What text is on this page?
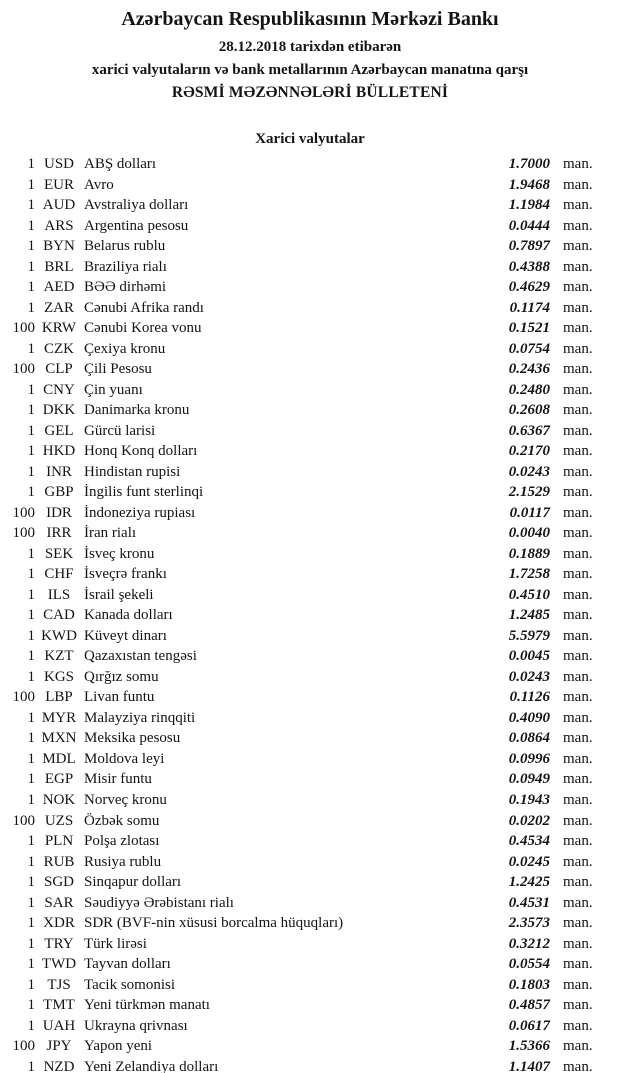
Azərbaycan Respublikasının Mərkəzi Bankı
28.12.2018 tarixdən etibarən
xarici valyutaların və bank metallarının Azərbaycan manatına qarşı
RƏSMİ MƏZƏNNƏLƏRİ BÜLLETENİ
Xarici valyutalar
1 USD ABŞ dolları	1.7000 man.
1 EUR Avro	1.9468 man.
1 AUD Avstraliya dolları	1.1984 man.
1 ARS Argentina pesosu	0.0444 man.
1 BYN Belarus rublu	0.7897 man.
1 BRL Braziliya rialı	0.4388 man.
1 AED BƏƏ dirhəmi	0.4629 man.
1 ZAR Cənubi Afrika randı	0.1174 man.
100 KRW Cənubi Korea vonu	0.1521 man.
1 CZK Çexiya kronu	0.0754 man.
100 CLP Çili Pesosu	0.2436 man.
1 CNY Çin yuanı	0.2480 man.
1 DKK Danimarka kronu	0.2608 man.
1 GEL Gürcü larisi	0.6367 man.
1 HKD Honq Konq dolları	0.2170 man.
1 INR Hindistan rupisi	0.0243 man.
1 GBP İngilis funt sterlinqi	2.1529 man.
100 IDR İndoneziya rupiası	0.0117 man.
100 IRR İran rialı	0.0040 man.
1 SEK İsveç kronu	0.1889 man.
1 CHF İsveçrə frankı	1.7258 man.
1 ILS İsrail şekeli	0.4510 man.
1 CAD Kanada dolları	1.2485 man.
1 KWD Küveyt dinarı	5.5979 man.
1 KZT Qazaxıstan tengəsi	0.0045 man.
1 KGS Qırğız somu	0.0243 man.
100 LBP Livan funtu	0.1126 man.
1 MYR Malayziya rinqqiti	0.4090 man.
1 MXN Meksika pesosu	0.0864 man.
1 MDL Moldova leyi	0.0996 man.
1 EGP Misir funtu	0.0949 man.
1 NOK Norveç kronu	0.1943 man.
100 UZS Özbək somu	0.0202 man.
1 PLN Polşa zlotası	0.4534 man.
1 RUB Rusiya rublu	0.0245 man.
1 SGD Sinqapur dolları	1.2425 man.
1 SAR Səudiyyə Ərəbistanı rialı	0.4531 man.
1 XDR SDR (BVF-nin xüsusi borcalma hüquqları)	2.3573 man.
1 TRY Türk lirəsi	0.3212 man.
1 TWD Tayvan dolları	0.0554 man.
1 TJS Tacik somonisi	0.1803 man.
1 TMT Yeni türkmən manatı	0.4857 man.
1 UAH Ukrayna qrivnası	0.0617 man.
100 JPY Yapon yeni	1.5366 man.
1 NZD Yeni Zelandiya dolları	1.1407 man.
